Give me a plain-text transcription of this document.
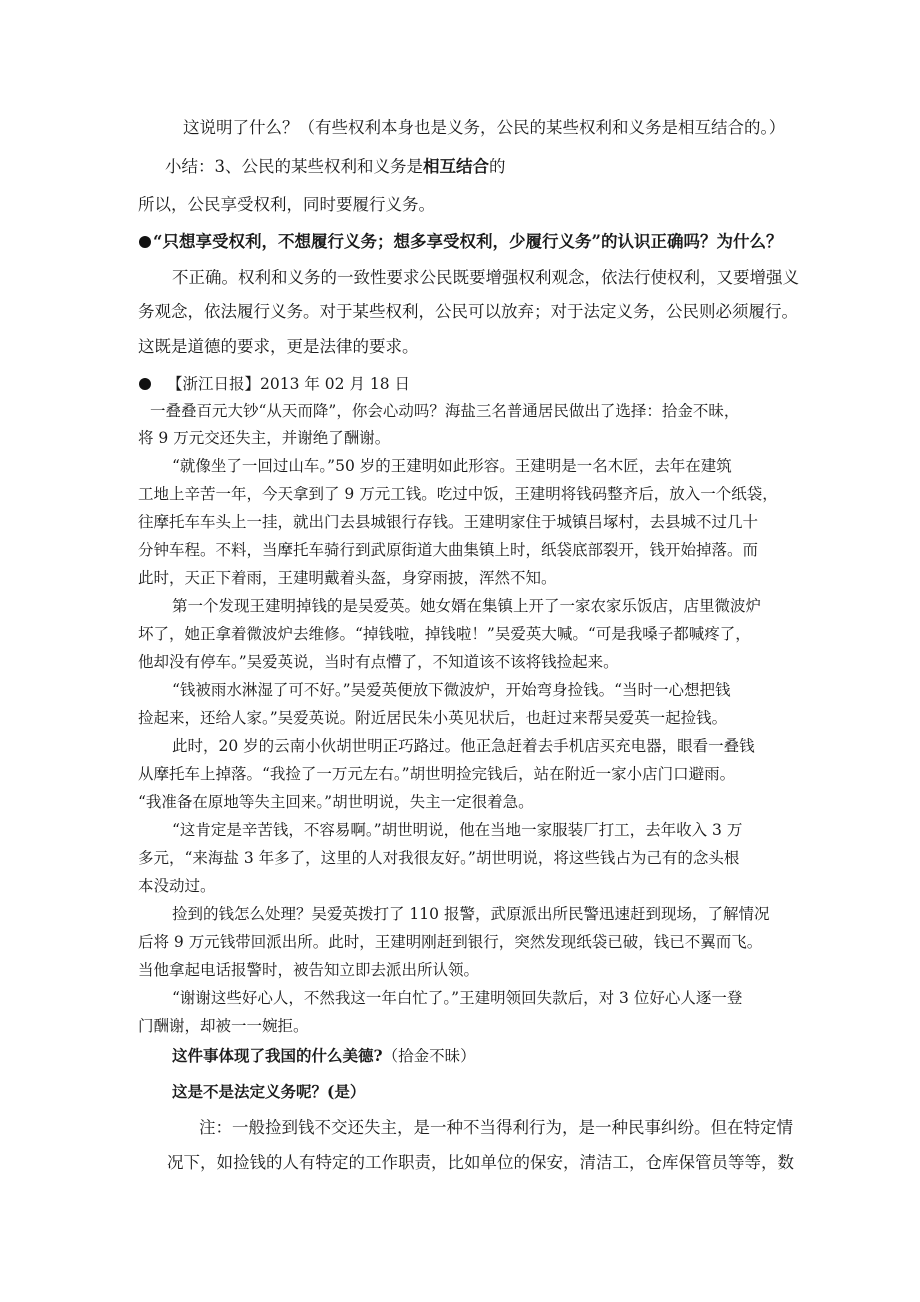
这说明了什么？（有些权利本身也是义务，公民的某些权利和义务是相互结合的。）
小结：3、公民的某些权利和义务是相互结合的
所以，公民享受权利，同时要履行义务。
“只想享受权利，不想履行义务；想多享受权利，少履行义务”的认识正确吗？为什么？
不正确。权利和义务的一致性要求公民既要增强权利观念，依法行使权利，又要增强义
务观念，依法履行义务。对于某些权利，公民可以放弃；对于法定义务，公民则必须履行。
这既是道德的要求，更是法律的要求。
【浙江日报】2013 年 02 月 18 日
一叠叠百元大钞“从天而降”，你会心动吗？海盐三名普通居民做出了选择：拾金不昧，
将 9 万元交还失主，并谢绝了酬谢。
“就像坐了一回过山车。”50 岁的王建明如此形容。王建明是一名木匠，去年在建筑
工地上辛苦一年，今天拿到了 9 万元工钱。吃过中饭，王建明将钱码整齐后，放入一个纸袋，
往摩托车车头上一挂，就出门去县城银行存钱。王建明家住于城镇吕塚村，去县城不过几十
分钟车程。不料，当摩托车骑行到武原街道大曲集镇上时，纸袋底部裂开，钱开始掉落。而
此时，天正下着雨，王建明戴着头盔，身穿雨披，浑然不知。
第一个发现王建明掉钱的是吴爱英。她女婿在集镇上开了一家农家乐饭店，店里微波炉
坏了，她正拿着微波炉去维修。“掉钱啦，掉钱啦！”吴爱英大喊。“可是我嗓子都喊疼了，
他却没有停车。”吴爱英说，当时有点懵了，不知道该不该将钱捡起来。
“钱被雨水淋湿了可不好。”吴爱英便放下微波炉，开始弯身捡钱。“当时一心想把钱
捡起来，还给人家。”吴爱英说。附近居民朱小英见状后，也赶过来帮吴爱英一起捡钱。
此时，20 岁的云南小伙胡世明正巧路过。他正急赶着去手机店买充电器，眼看一叠钱
从摩托车上掉落。“我捡了一万元左右。”胡世明捡完钱后，站在附近一家小店门口避雨。
“我准备在原地等失主回来。”胡世明说，失主一定很着急。
“这肯定是辛苦钱，不容易啊。”胡世明说，他在当地一家服装厂打工，去年收入 3 万
多元，“来海盐 3 年多了，这里的人对我很友好。”胡世明说，将这些钱占为己有的念头根
本没动过。
捡到的钱怎么处理？吴爱英拨打了 110 报警，武原派出所民警迅速赶到现场，了解情况
后将 9 万元钱带回派出所。此时，王建明刚赶到银行，突然发现纸袋已破，钱已不翼而飞。
当他拿起电话报警时，被告知立即去派出所认领。
“谢谢这些好心人，不然我这一年白忙了。”王建明领回失款后，对 3 位好心人逐一登
门酬谢，却被一一婉拒。
这件事体现了我国的什么美德?（拾金不昧）
这是不是法定义务呢？(是）
注：一般捡到钱不交还失主，是一种不当得利行为，是一种民事纠纷。但在特定情
况下，如捡钱的人有特定的工作职责，比如单位的保安，清洁工，仓库保管员等等，数
